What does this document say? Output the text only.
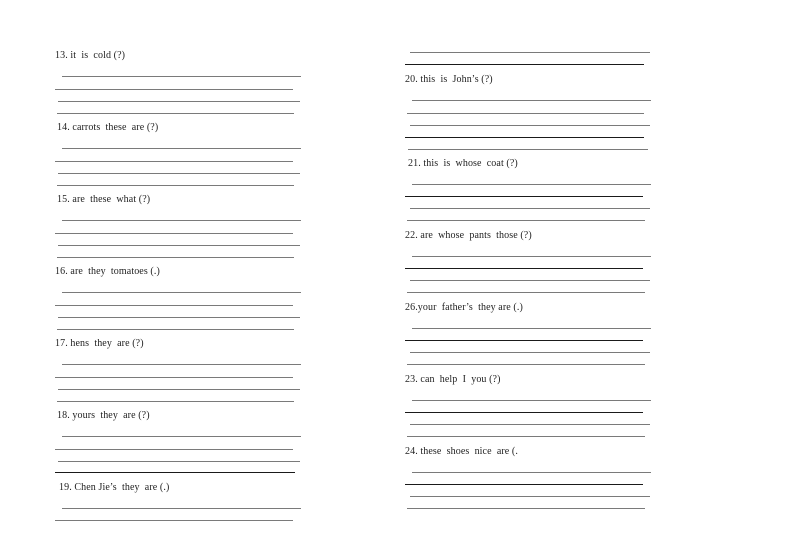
13. it  is  cold (?)
14. carrots  these  are (?)
15. are  these  what (?)
16. are  they  tomatoes (.)
17. hens  they  are (?)
18. yours  they  are (?)
19. Chen Jie’s  they  are (.)
20. this  is  John’s (?)
21. this  is  whose  coat (?)
22. are  whose  pants  those (?)
26.your  father’s  they are (.)
23. can  help  I  you (?)
24. these  shoes  nice  are (.
